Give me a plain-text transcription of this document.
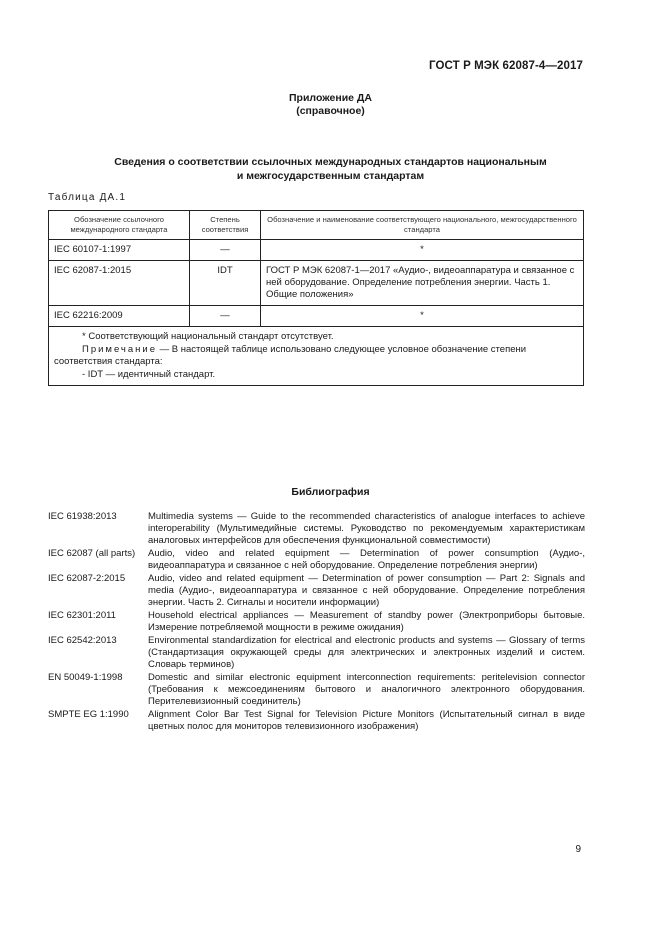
ГОСТ Р МЭК 62087-4—2017
Приложение ДА
(справочное)
Сведения о соответствии ссылочных международных стандартов национальным
и межгосударственным стандартам
Таблица ДА.1
Обозначение ссылочного международного стандарта	Степень соответствия	Обозначение и наименование соответствующего национального, межгосударственного стандарта
IEC 60107-1:1997	—	*
IEC 62087-1:2015	IDT	ГОСТ Р МЭК 62087-1—2017 «Аудио-, видеоаппаратура и связанное с ней оборудование. Определение потребления энергии. Часть 1. Общие положения»
IEC 62216:2009	—	*

* Соответствующий национальный стандарт отсутствует.
Примечание — В настоящей таблице использовано следующее условное обозначение степени соответствия стандарта:
- IDT — идентичный стандарт.		
Библиография
IEC 61938:2013	Multimedia systems — Guide to the recommended characteristics of analogue interfaces to achieve interoperability (Мультимедийные системы. Руководство по рекомендуемым характеристикам аналоговых интерфейсов для обеспечения функциональной совместимости)
IEC 62087 (all parts)	Audio, video and related equipment — Determination of power consumption (Аудио-, видеоаппаратура и связанное с ней оборудование. Определение потребления энергии)
IEC 62087-2:2015	Audio, video and related equipment — Determination of power consumption — Part 2: Signals and media (Аудио-, видеоаппаратура и связанное с ней оборудование. Определение потребления энергии. Часть 2. Сигналы и носители информации)
IEC 62301:2011	Household electrical appliances — Measurement of standby power (Электроприборы бытовые. Измерение потребляемой мощности в режиме ожидания)
IEC 62542:2013	Environmental standardization for electrical and electronic products and systems — Glossary of terms (Стандартизация окружающей среды для электрических и электронных изделий и систем. Словарь терминов)
EN 50049-1:1998	Domestic and similar electronic equipment interconnection requirements: peritelevision connector (Требования к межсоединениям бытового и аналогичного электронного оборудования. Перителевизионный соединитель)
SMPTE EG 1:1990	Alignment Color Bar Test Signal for Television Picture Monitors (Испытательный сигнал в виде цветных полос для мониторов телевизионного изображения)
9
